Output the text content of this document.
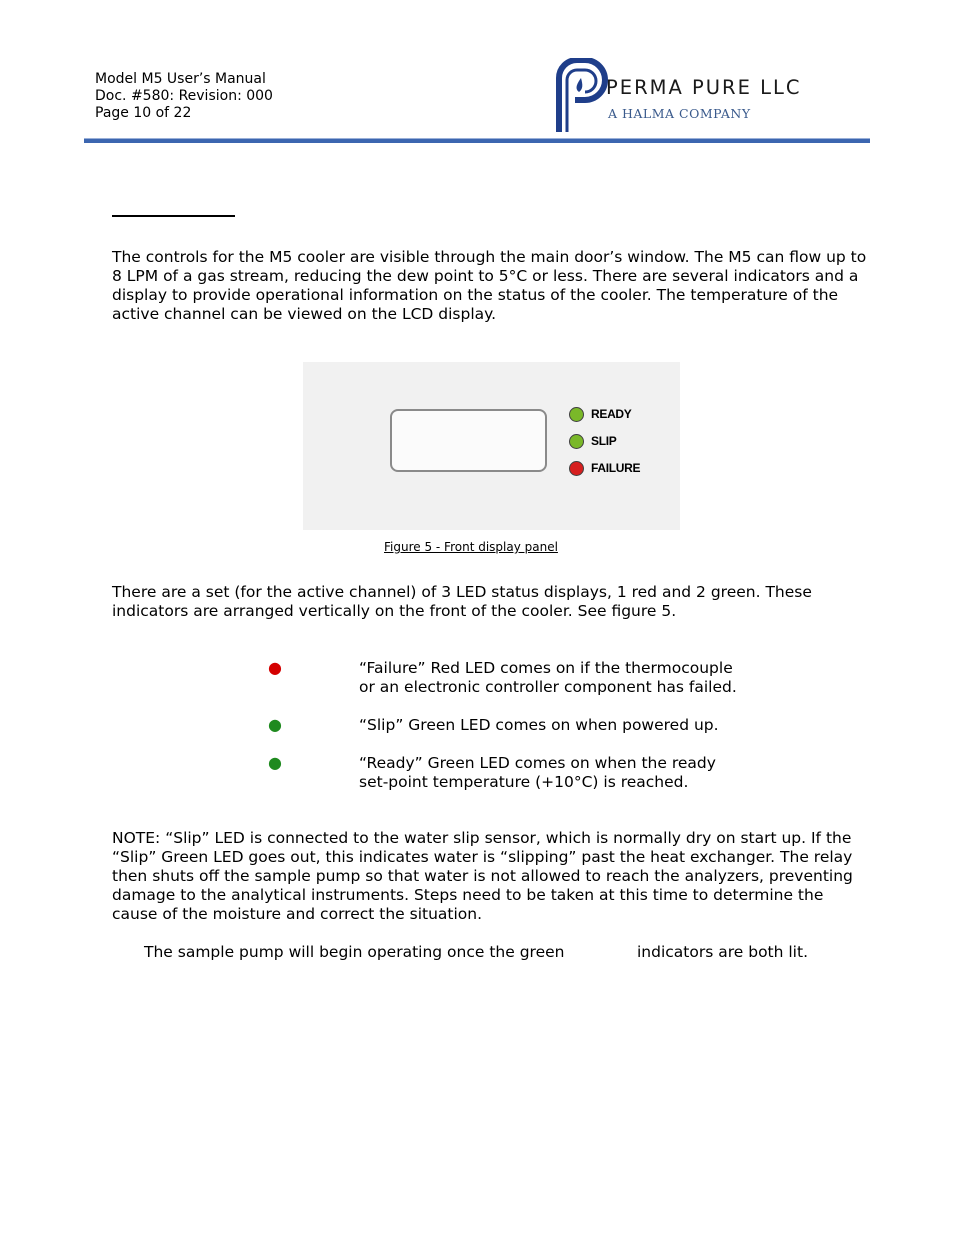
Model M5 User’s Manual
Doc. #580: Revision: 000
Page 10 of 22
PERMA PURE LLC
A HALMA COMPANY
The controls for the M5 cooler are visible through the main door’s window. The M5 can flow up to 8 LPM of a gas stream, reducing the dew point to 5°C or less. There are several indicators and a display to provide operational information on the status of the cooler. The temperature of the active channel can be viewed on the LCD display.
READY
SLIP
FAILURE
Figure 5 - Front display panel
There are a set (for the active channel) of 3 LED status displays, 1 red and 2 green. These indicators are arranged vertically on the front of the cooler. See figure 5.
●	“Failure” Red LED comes on if the thermocouple or an electronic controller component has failed.
●	“Slip” Green LED comes on when powered up.
●	“Ready” Green LED comes on when the ready set-point temperature (+10°C) is reached.
NOTE: “Slip” LED is connected to the water slip sensor, which is normally dry on start up. If the “Slip” Green LED goes out, this indicates water is “slipping” past the heat exchanger. The relay then shuts off the sample pump so that water is not allowed to reach the analyzers, preventing damage to the analytical instruments. Steps need to be taken at this time to determine the cause of the moisture and correct the situation.
The sample pump will begin operating once the green	indicators are both lit.
